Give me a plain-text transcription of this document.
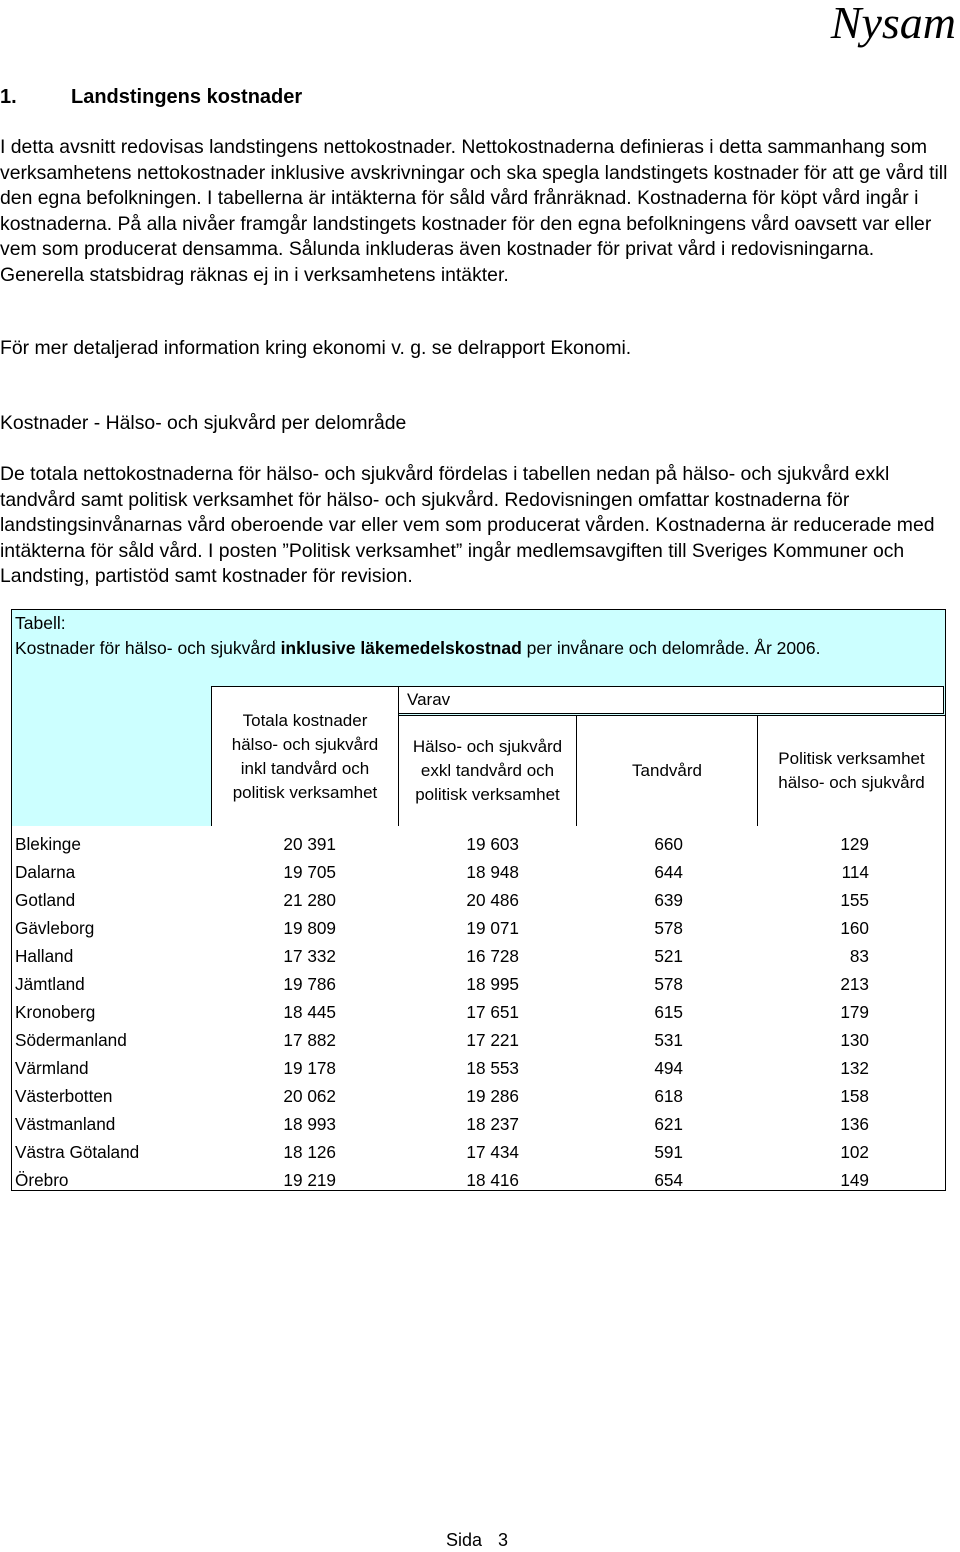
Nysam
1.	Landstingens kostnader
I detta avsnitt redovisas landstingens nettokostnader. Nettokostnaderna definieras i detta sammanhang som verksamhetens nettokostnader inklusive avskrivningar och ska spegla landstingets kostnader för att ge vård till den egna befolkningen. I tabellerna är intäkterna för såld vård frånräknad. Kostnaderna för köpt vård ingår i kostnaderna. På alla nivåer framgår landstingets kostnader för den egna befolkningens vård oavsett var eller vem som producerat densamma. Sålunda inkluderas även kostnader för privat vård i redovisningarna. Generella statsbidrag räknas ej in i verksamhetens intäkter.
För mer detaljerad information kring ekonomi v. g. se delrapport Ekonomi.
Kostnader - Hälso- och sjukvård per delområde
De totala nettokostnaderna för hälso- och sjukvård fördelas i tabellen nedan på hälso- och sjukvård exkl tandvård samt politisk verksamhet för hälso- och sjukvård. Redovisningen omfattar kostnaderna för landstingsinvånarnas vård oberoende var eller vem som producerat vården. Kostnaderna är reducerade med intäkterna för såld vård. I posten ”Politisk verksamhet” ingår medlemsavgiften till Sveriges Kommuner och Landsting, partistöd samt kostnader för revision.
Tabell:
Kostnader för hälso- och sjukvård inklusive läkemedelskostnad per invånare och delområde. År 2006.
Totala kostnader hälso- och sjukvård inkl tandvård och politisk verksamhet
Varav
Hälso- och sjukvård exkl tandvård och politisk verksamhet
Tandvård
Politisk verksamhet hälso- och sjukvård
Blekinge	20 391	19 603	660	129
Dalarna	19 705	18 948	644	114
Gotland	21 280	20 486	639	155
Gävleborg	19 809	19 071	578	160
Halland	17 332	16 728	521	83
Jämtland	19 786	18 995	578	213
Kronoberg	18 445	17 651	615	179
Södermanland	17 882	17 221	531	130
Värmland	19 178	18 553	494	132
Västerbotten	20 062	19 286	618	158
Västmanland	18 993	18 237	621	136
Västra Götaland	18 126	17 434	591	102
Örebro	19 219	18 416	654	149
Sida 3
